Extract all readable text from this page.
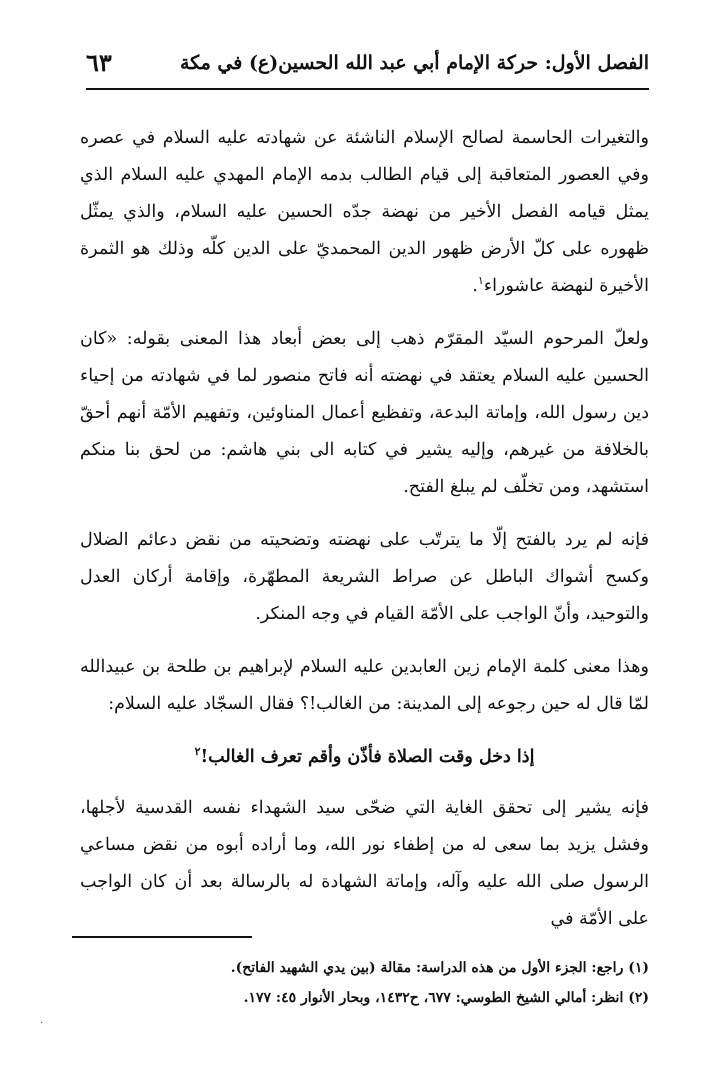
الفصل الأول: حركة الإمام أبي عبد الله الحسين(ع) في مكة
٦٣

والتغيرات الحاسمة لصالح الإسلام الناشئة عن شهادته عليه السلام في عصره وفي العصور المتعاقبة إلى قيام الطالب بدمه الإمام المهدي عليه السلام الذي يمثل قيامه الفصل الأخير من نهضة جدّه الحسين عليه السلام، والذي يمثّل ظهوره على كلّ الأرض ظهور الدين المحمديّ على الدين كلّه وذلك هو الثمرة الأخيرة لنهضة عاشوراء$^١$.

ولعلّ المرحوم السيّد المقرّم ذهب إلى بعض أبعاد هذا المعنى بقوله: «كان الحسين عليه السلام يعتقد في نهضته أنه فاتح منصور لما في شهادته من إحياء دين رسول الله، وإماتة البدعة، وتفظيع أعمال المناوئين، وتفهيم الأمّة أنهم أحقّ بالخلافة من غيرهم، وإليه يشير في كتابه الى بني هاشم: من لحق بنا منكم استشهد، ومن تخلّف لم يبلغ الفتح.

فإنه لم يرد بالفتح إلّا ما يترتّب على نهضته وتضحيته من نقض دعائم الضلال وكسح أشواك الباطل عن صراط الشريعة المطهّرة، وإقامة أركان العدل والتوحيد، وأنّ الواجب على الأمّة القيام في وجه المنكر.

وهذا معنى كلمة الإمام زين العابدين عليه السلام لإبراهيم بن طلحة بن عبيدالله لمّا قال له حين رجوعه إلى المدينة: من الغالب!؟ فقال السجّاد عليه السلام:

إذا دخل وقت الصلاة فأذّن وأقم تعرف الغالب!$^٢$

فإنه يشير إلى تحقق الغاية التي ضحّى سيد الشهداء نفسه القدسية لأجلها، وفشل يزيد بما سعى له من إطفاء نور الله، وما أراده أبوه من نقض مساعي الرسول صلى الله عليه وآله، وإماتة الشهادة له بالرسالة بعد أن كان الواجب على الأمّة في

(١) راجع: الجزء الأول من هذه الدراسة: مقالة (بين يدي الشهيد الفاتح).

(٢) انظر: أمالي الشيخ الطوسي: ٦٧٧، ح١٤٣٢، وبحار الأنوار ٤٥: ١٧٧.

·
